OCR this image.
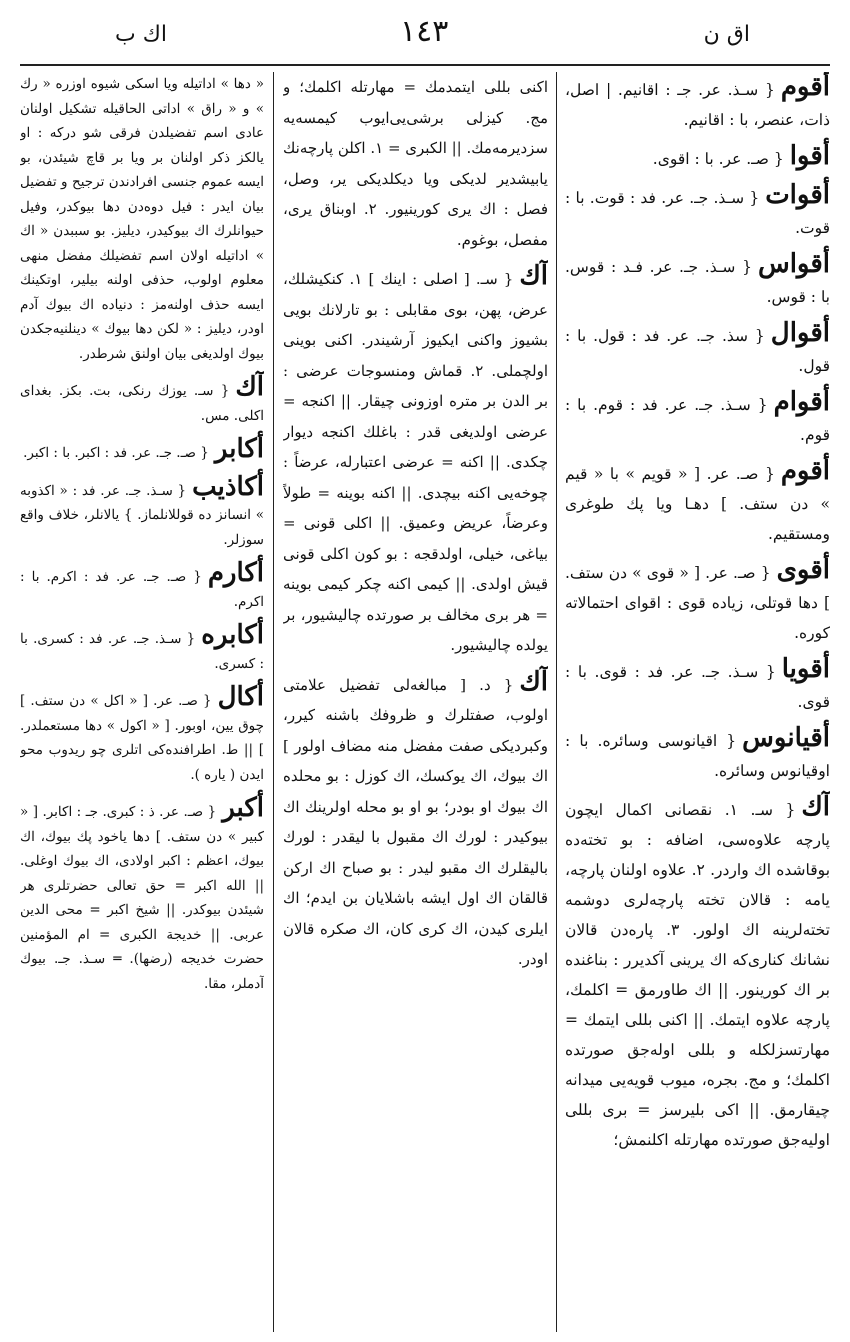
اك ب	١٤٣	اق ن
أقوم{ سـذ. عر. جـ : اقانيم. | اصل، ذات، عنصر، با : اقانيم.
أقوا{ صـ. عر. با : اقوى.
أقوات{ سـذ. جـ. عر. فد : قوت. با : قوت.
أقواس{ سـذ. جـ. عر. فـد : قوس. با : قوس.
أقوال{ سذ. جـ. عر. فد : قول. با : قول.
أقوام{ سـذ. جـ. عر. فد : قوم. با : قوم.
أقوم{ صـ. عر. [ « قويم » با « قيم » دن ستف. ] دهـا ويا پك طوغرى ومستقيم.
أقوى{ صـ. عر. [ « قوى » دن ستف. ] دها قوتلى، زياده قوى : اقواى احتمالاته كوره.
أقويا{ سـذ. جـ. عر. فد : قوى. با : قوى.
أقيانوس{ اقيانوسى وسائره. با : اوقيانوس وسائره.
آك{ سـ. ١. نقصانى اكمال ايچون پارچه علاوه‌سى، اضافه : بو تخته‌ده بوقاشده اك واردر. ٢. علاوه اولنان پارچه، يامه : قالان تخته پارچه‌لرى دوشمه تخته‌لرينه اك اولور. ٣. پاره‌دن قالان نشانك كنارى‌كه اك يرينى آكديرر : بناغنده بر اك كورينور. || اك ‌طاورمق = اكلمك، پارچه علاوه ايتمك. || اكنى بللى ايتمك = مهارتسزلكله و بللى اوله‌جق صورتده اكلمك؛ و مج. بجره، ميوب قويه‌يى ميدانه چيقارمق. || اكى بليرسز = برى بللى اوليه‌جق صورتده مهارتله اكلنمش؛
اكنى بللى ايتمدمك = مهارتله اكلمك؛ و مج. كيزلى برشى‌يى‌ايوب كيمسه‌يه سزديرمه‌مك. || الكبرى = ١. اكلن پارچه‌نك يابيشدير لديكى ويا ديكلديكى ير، وصل، فصل : اك يرى كورينيور. ٢. اوبناق يرى، مفصل، بوغوم.
آك{ سـ. [ اصلى : اينك ] ١. كنكيشلك، عرض، پهن، بوى مقابلى : بو تارلانك بويى بشيوز واكنى ايكيوز آرشيندر. اكنى بوينى اولچملى. ٢. قماش ومنسوجات عرضى : بر الدن بر متره اوزونى چيقار. || اكنجه = عرضى اولديغى قدر : باغلك اكنجه ديوار چكدى. || اكنه = عرضى اعتبارله، عرضاً : چوخه‌يى اكنه بيچدى. || اكنه بوينه = طولاً وعرضاً، عريض وعميق. || اكلى قونى = بياغى، خيلى، اولدقجه : بو كون اكلى قونى قيش اولدى. || كيمى اكنه چكر كيمى بوينه = هر برى مخالف بر صورتده چاليشيور، بر يولده چاليشيور.
آك{ د. [ مبالغه‌لى تفضيل علامتى اولوب، صفتلرك و ظروفك باشنه كيرر، وكبرديكى صفت مفضل منه مضاف اولور ] اك بيوك، اك يوكسك، اك كوزل : بو محلده اك بيوك او بودر؛ بو او بو محله اولرينك اك بيوكيدر : لورك اك مقبول با ليقدر : لورك باليقلرك اك مقبو ليدر : بو صباح اك اركن قالقان اك اول ايشه باشلايان بن ايدم؛ اك ايلرى كيدن، اك كرى كان، اك صكره قالان اودر.
« دها » اداتيله ويا اسكى شيوه اوزره « رك » و « راق » اداتى الحاقيله تشكيل اولنان عادى اسم تفضيلدن فرقى شو دركه : او يالكز ذكر اولنان بر ويا بر قاچ شيئدن، بو ايسه عموم جنسى افرادندن ترجيح و تفضيل بيان ايدر : فيل دوه‌دن دها بيوكدر، وفيل حيوانلرك اك بيوكيدر، ديليز. بو سببدن « اك » اداتيله اولان اسم تفضيلك مفضل منهى معلوم اولوب، حذفى اولنه بيلير، اوتكينك ايسه حذف اولنه‌مز : دنياده اك بيوك آدم اودر، ديليز : « لكن دها بيوك » دينلنيه‌جكدن بيوك اولديغى بيان اولنق شرطدر.
آك{ سـ. يوزك رنكى، بت. بكز. بغداى اكلى. مس.
أكابر{ صـ. جـ. عر. فد : اكبر. با : اكبر.
أكاذيب{ سـذ. جـ. عر. فد : « اكذوبه » انسانز ده قوللانلماز. } يالانلر، خلاف واقع سوزلر.
أكارم{ صـ. جـ. عر. فد : اكرم. با : اكرم.
أكابره{ سـذ. جـ. عر. فد : كسرى. با : كسرى.
أكال{ صـ. عر. [ « اكل » دن ستف. ] چوق يين، اوبور. [ « اكول » دها مستعملدر. ] || ط. اطرافنده‌كى اتلرى چو ريدوب محو ايدن ( ياره ).
أكبر{ صـ. عر. ذ : كبرى. جـ : اكابر. [ « كبير » دن ستف. ] دها ياخود پك بيوك، اك بيوك، اعظم : اكبر اولادى، اك بيوك اوغلى. || الله اكبر = حق تعالى حضرتلرى هر شيئدن بيوكدر. || شيخ اكبر = محى الدين عربى. || خديجة الكبرى = ام المؤمنين حضرت خديجه (رضها). ═ سـذ. جـ. بيوك آدملر، مقا.
